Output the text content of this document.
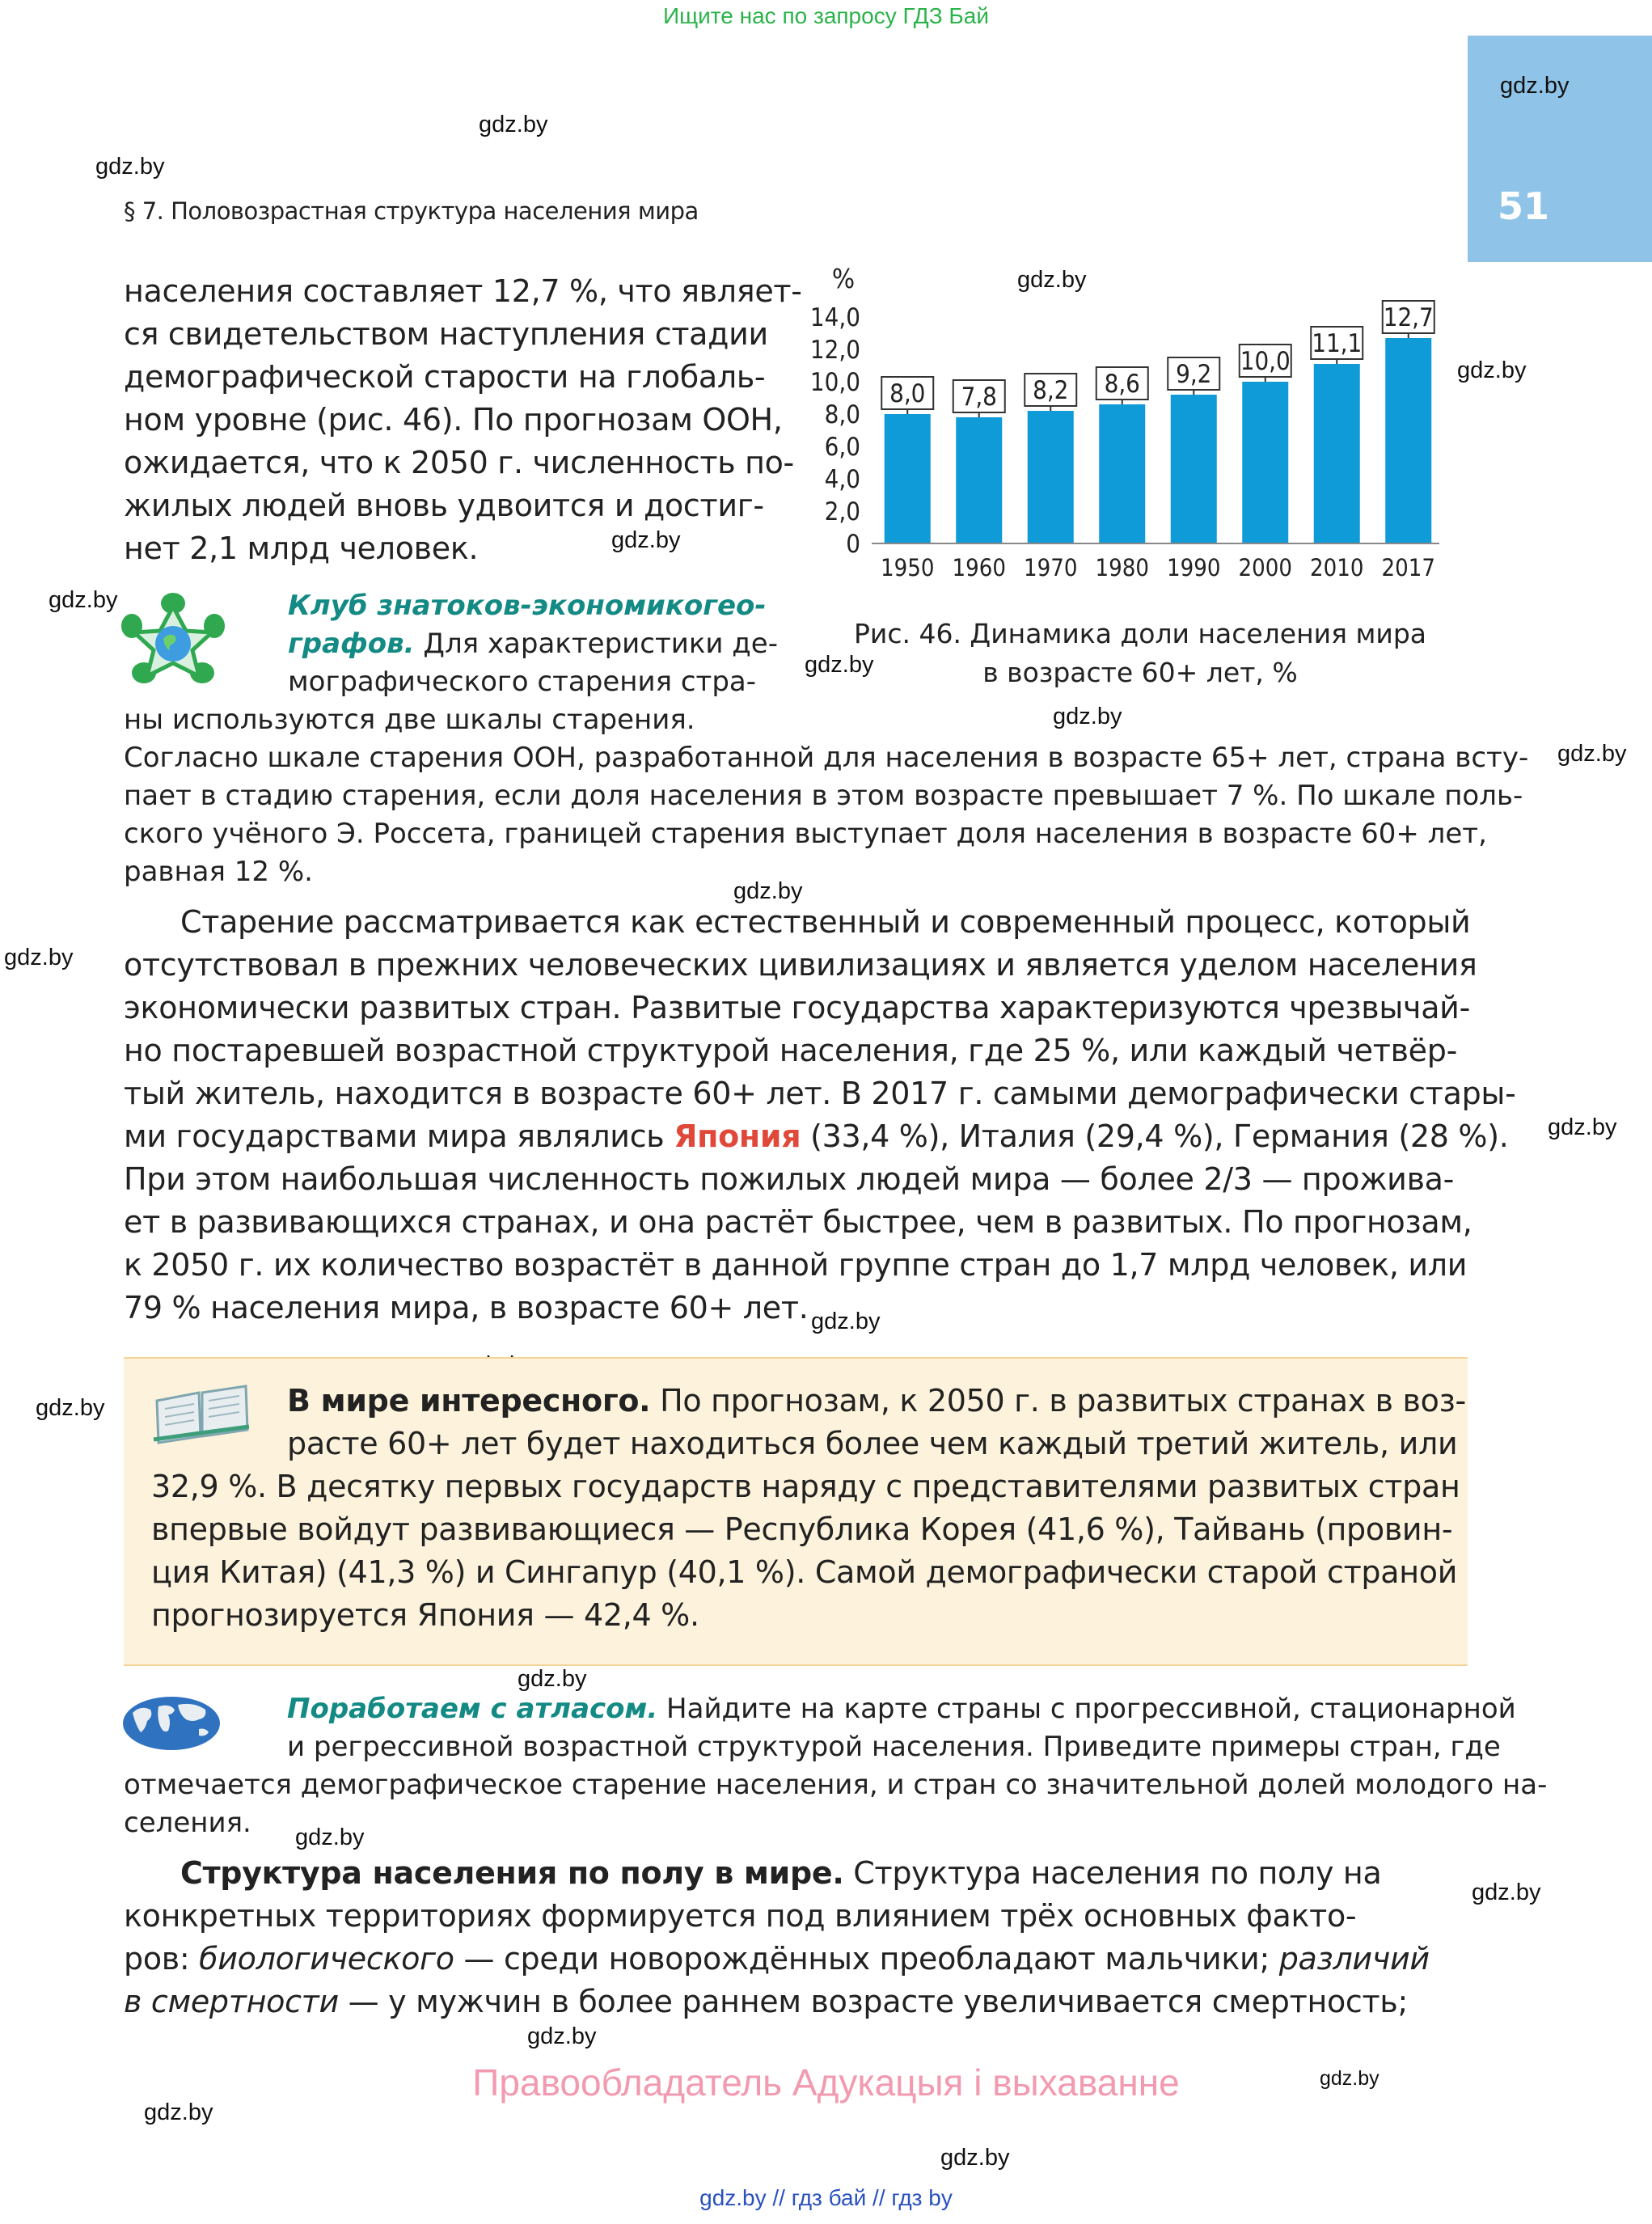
Ищите нас по запросу ГДЗ Бай
51
§ 7. Половозрастная структура населения мира
gdz.by
gdz.by
gdz.by
gdz.by
gdz.by
gdz.by
gdz.by
gdz.by
gdz.by
gdz.by
gdz.by
gdz.by
gdz.by
gdz.by
gdz.by
gdz.by
gdz.by
gdz.by
gdz.by
gdz.by
gdz.by
gdz.by
населения составляет 12,7 %, что являет-
ся свидетельством наступления стадии
демографической старости на глобаль-
ном уровне (рис. 46). По прогнозам ООН,
ожидается, что к 2050 г. численность по-
жилых людей вновь удвоится и достиг-
нет 2,1 млрд человек.
%
0
2,0
4,0
6,0
8,0
10,0
12,0
14,0
1950 1960 1970 1980 1990 2000 2010 2017
8,0 7,8 8,2 8,6 9,2 10,0
11,1
12,7
Рис. 46. Динамика доли населения мира
в возрасте 60+ лет, %
Клуб знатоков-экономикогео-
графов. Для характеристики де-
мографического старения стра-
ны используются две шкалы старения.
Согласно шкале старения ООН, разработанной для населения в возрасте 65+ лет, страна всту-
пает в стадию старения, если доля населения в этом возрасте превышает 7 %. По шкале поль-
ского учёного Э. Россета, границей старения выступает доля населения в возрасте 60+ лет,
равная 12 %.
Старение рассматривается как естественный и современный процесс, который
отсутствовал в прежних человеческих цивилизациях и является уделом населения
экономически развитых стран. Развитые государства характеризуются чрезвычай-
но постаревшей возрастной структурой населения, где 25 %, или каждый четвёр-
тый житель, находится в возрасте 60+ лет. В 2017 г. самыми демографически стары-
ми государствами мира являлись Япония (33,4 %), Италия (29,4 %), Германия (28 %).
При этом наибольшая численность пожилых людей мира — более 2/3 — прожива-
ет в развивающихся странах, и она растёт быстрее, чем в развитых. По прогнозам,
к 2050 г. их количество возрастёт в данной группе стран до 1,7 млрд человек, или
79 % населения мира, в возрасте 60+ лет.
В мире интересного. По прогнозам, к 2050 г. в развитых странах в воз-
расте 60+ лет будет находиться более чем каждый третий житель, или
32,9 %. В десятку первых государств наряду с представителями развитых стран
впервые войдут развивающиеся — Республика Корея (41,6 %), Тайвань (провин-
ция Китая) (41,3 %) и Сингапур (40,1 %). Самой демографически старой страной
прогнозируется Япония — 42,4 %.
Поработаем с атласом. Найдите на карте страны с прогрессивной, стационарной
и регрессивной возрастной структурой населения. Приведите примеры стран, где
отмечается демографическое старение населения, и стран со значительной долей молодого на-
селения.
Структура населения по полу в мире. Структура населения по полу на
конкретных территориях формируется под влиянием трёх основных факто-
ров: биологического — среди новорождённых преобладают мальчики; различий
в смертности — у мужчин в более раннем возрасте увеличивается смертность;
Правообладатель Адукацыя і выхаванне
gdz.by // гдз бай // гдз by
